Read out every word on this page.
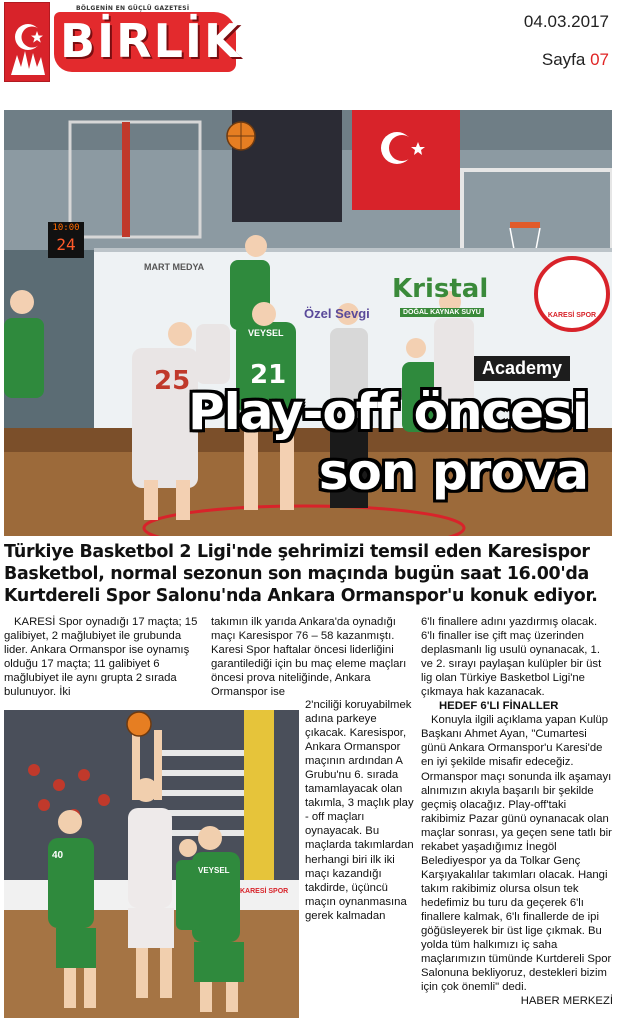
BÖLGENİN EN GÜÇLÜ GAZETESİ
BİRLİK	04.03.2017
Sayfa 07
10:00
24
MART MEDYA
Kristal
DOĞAL KAYNAK SUYU	KARESİ SPOR
Academy
Özel Sevgi
25 21
VEYSEL
Play-off öncesi
son prova
Türkiye Basketbol 2 Ligi'nde şehrimizi temsil eden Karesispor Basketbol, normal sezonun son maçında bugün saat 16.00'da Kurtdereli Spor Salonu'nda Ankara Ormanspor'u konuk ediyor.

KARESİ Spor oynadığı 17 maçta; 15 galibiyet, 2 mağlubiyet ile grubunda lider. Ankara Ormanspor ise oynamış olduğu 17 maçta; 11 galibiyet 6 mağlubiyet ile aynı grupta 2 sırada bulunuyor. İki

takımın ilk yarıda Ankara'da oynadığı maçı Karesispor 76 – 58 kazanmıştı. Karesi Spor haftalar öncesi liderliğini garantilediği için bu maç eleme maçları öncesi prova niteliğinde, Ankara Ormanspor ise

2'nciliği koruyabilmek adına parkeye çıkacak. Karesispor, Ankara Ormanspor maçının ardından A Grubu'nu 6. sırada tamamlayacak olan takımla, 3 maçlık play - off maçları oynayacak. Bu maçlarda takımlardan herhangi biri ilk iki maçı kazandığı takdirde, üçüncü maçın oynanmasına gerek kalmadan

6'lı finallere adını yazdırmış olacak. 6'lı finaller ise çift maç üzerinden deplasmanlı lig usulü oynanacak, 1. ve 2. sırayı paylaşan kulüpler bir üst lig olan Türkiye Basketbol Ligi'ne çıkmaya hak kazanacak.

HEDEF 6'LI FİNALLER

Konuyla ilgili açıklama yapan Kulüp Başkanı Ahmet Ayan, "Cumartesi günü Ankara Ormanspor'u Karesi'de en iyi şekilde misafir edeceğiz. Ormanspor maçı sonunda ilk aşamayı alnımızın akıyla başarılı bir şekilde geçmiş olacağız. Play-off'taki rakibimiz Pazar günü oynanacak olan maçlar sonrası, ya geçen sene tatlı bir rekabet yaşadığımız İnegöl Belediyespor ya da Tolkar Genç Karşıyakalılar takımları olacak. Hangi takım rakibimiz olursa olsun tek hedefimiz bu turu da geçerek 6'lı finallere kalmak, 6'lı finallerde de ipi göğüsleyerek bir üst lige çıkmak. Bu yolda tüm halkımızı iç saha maçlarımızın tümünde Kurtdereli Spor Salonuna bekliyoruz, destekleri bizim için çok önemli" dedi.

HABER MERKEZİ
40
VEYSEL
KARESİ SPOR
